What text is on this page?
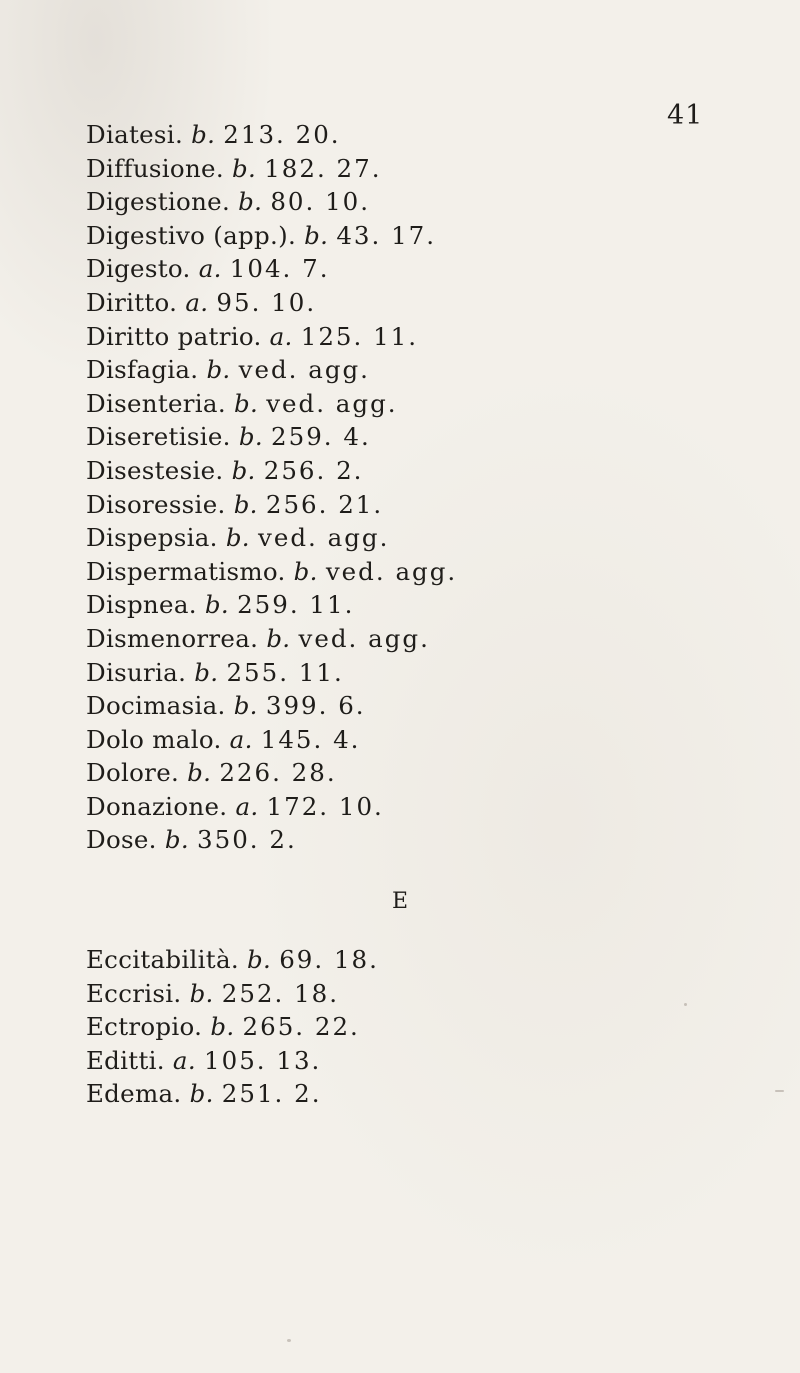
41
Diatesi. b. 213. 20.
Diffusione. b. 182. 27.
Digestione. b. 80. 10.
Digestivo (app.). b. 43. 17.
Digesto. a. 104. 7.
Diritto. a. 95. 10.
Diritto patrio. a. 125. 11.
Disfagia. b. ved. agg.
Disenteria. b. ved. agg.
Diseretisie. b. 259. 4.
Disestesie. b. 256. 2.
Disoressie. b. 256. 21.
Dispepsia. b. ved. agg.
Dispermatismo. b. ved. agg.
Dispnea. b. 259. 11.
Dismenorrea. b. ved. agg.
Disuria. b. 255. 11.
Docimasia. b. 399. 6.
Dolo malo. a. 145. 4.
Dolore. b. 226. 28.
Donazione. a. 172. 10.
Dose. b. 350. 2.
E
Eccitabilità. b. 69. 18.
Eccrisi. b. 252. 18.
Ectropio. b. 265. 22.
Editti. a. 105. 13.
Edema. b. 251. 2.
